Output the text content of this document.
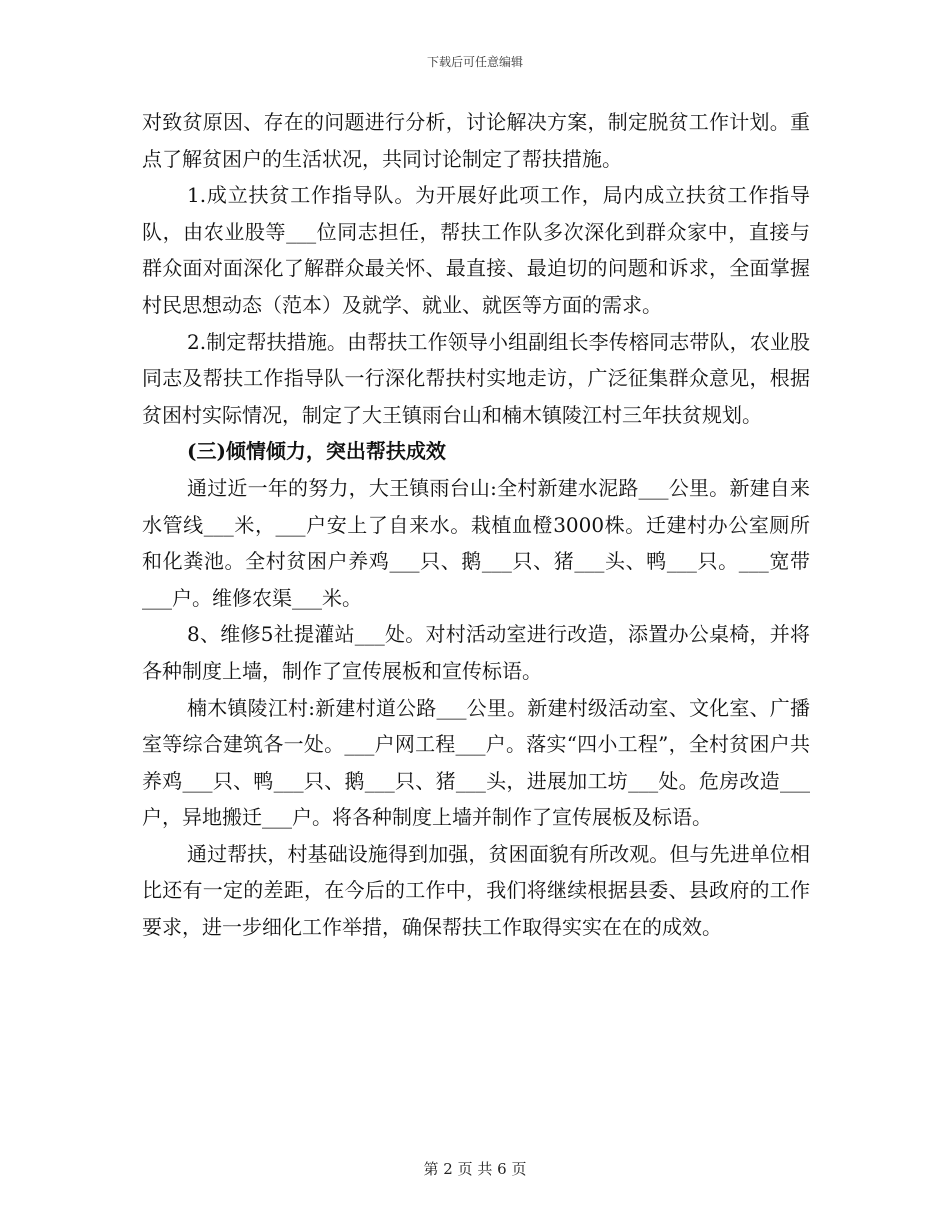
下载后可任意编辑

对致贫原因、存在的问题进行分析，讨论解决方案，制定脱贫工作计划。重点了解贫困户的生活状况，共同讨论制定了帮扶措施。

1.成立扶贫工作指导队。为开展好此项工作，局内成立扶贫工作指导队，由农业股等___位同志担任，帮扶工作队多次深化到群众家中，直接与群众面对面深化了解群众最关怀、最直接、最迫切的问题和诉求，全面掌握村民思想动态（范本）及就学、就业、就医等方面的需求。

2.制定帮扶措施。由帮扶工作领导小组副组长李传榕同志带队，农业股同志及帮扶工作指导队一行深化帮扶村实地走访，广泛征集群众意见，根据贫困村实际情况，制定了大王镇雨台山和楠木镇陵江村三年扶贫规划。

(三)倾情倾力，突出帮扶成效

通过近一年的努力，大王镇雨台山:全村新建水泥路___公里。新建自来水管线___米，___户安上了自来水。栽植血橙3000株。迁建村办公室厕所和化粪池。全村贫困户养鸡___只、鹅___只、猪___头、鸭___只。___宽带___户。维修农渠___米。

8、维修5社提灌站___处。对村活动室进行改造，添置办公桌椅，并将各种制度上墙，制作了宣传展板和宣传标语。

楠木镇陵江村:新建村道公路___公里。新建村级活动室、文化室、广播室等综合建筑各一处。___户网工程___户。落实“四小工程”，全村贫困户共养鸡___只、鸭___只、鹅___只、猪___头，进展加工坊___处。危房改造___户，异地搬迁___户。将各种制度上墙并制作了宣传展板及标语。

通过帮扶，村基础设施得到加强，贫困面貌有所改观。但与先进单位相比还有一定的差距，在今后的工作中，我们将继续根据县委、县政府的工作要求，进一步细化工作举措，确保帮扶工作取得实实在在的成效。

第 2 页 共 6 页
